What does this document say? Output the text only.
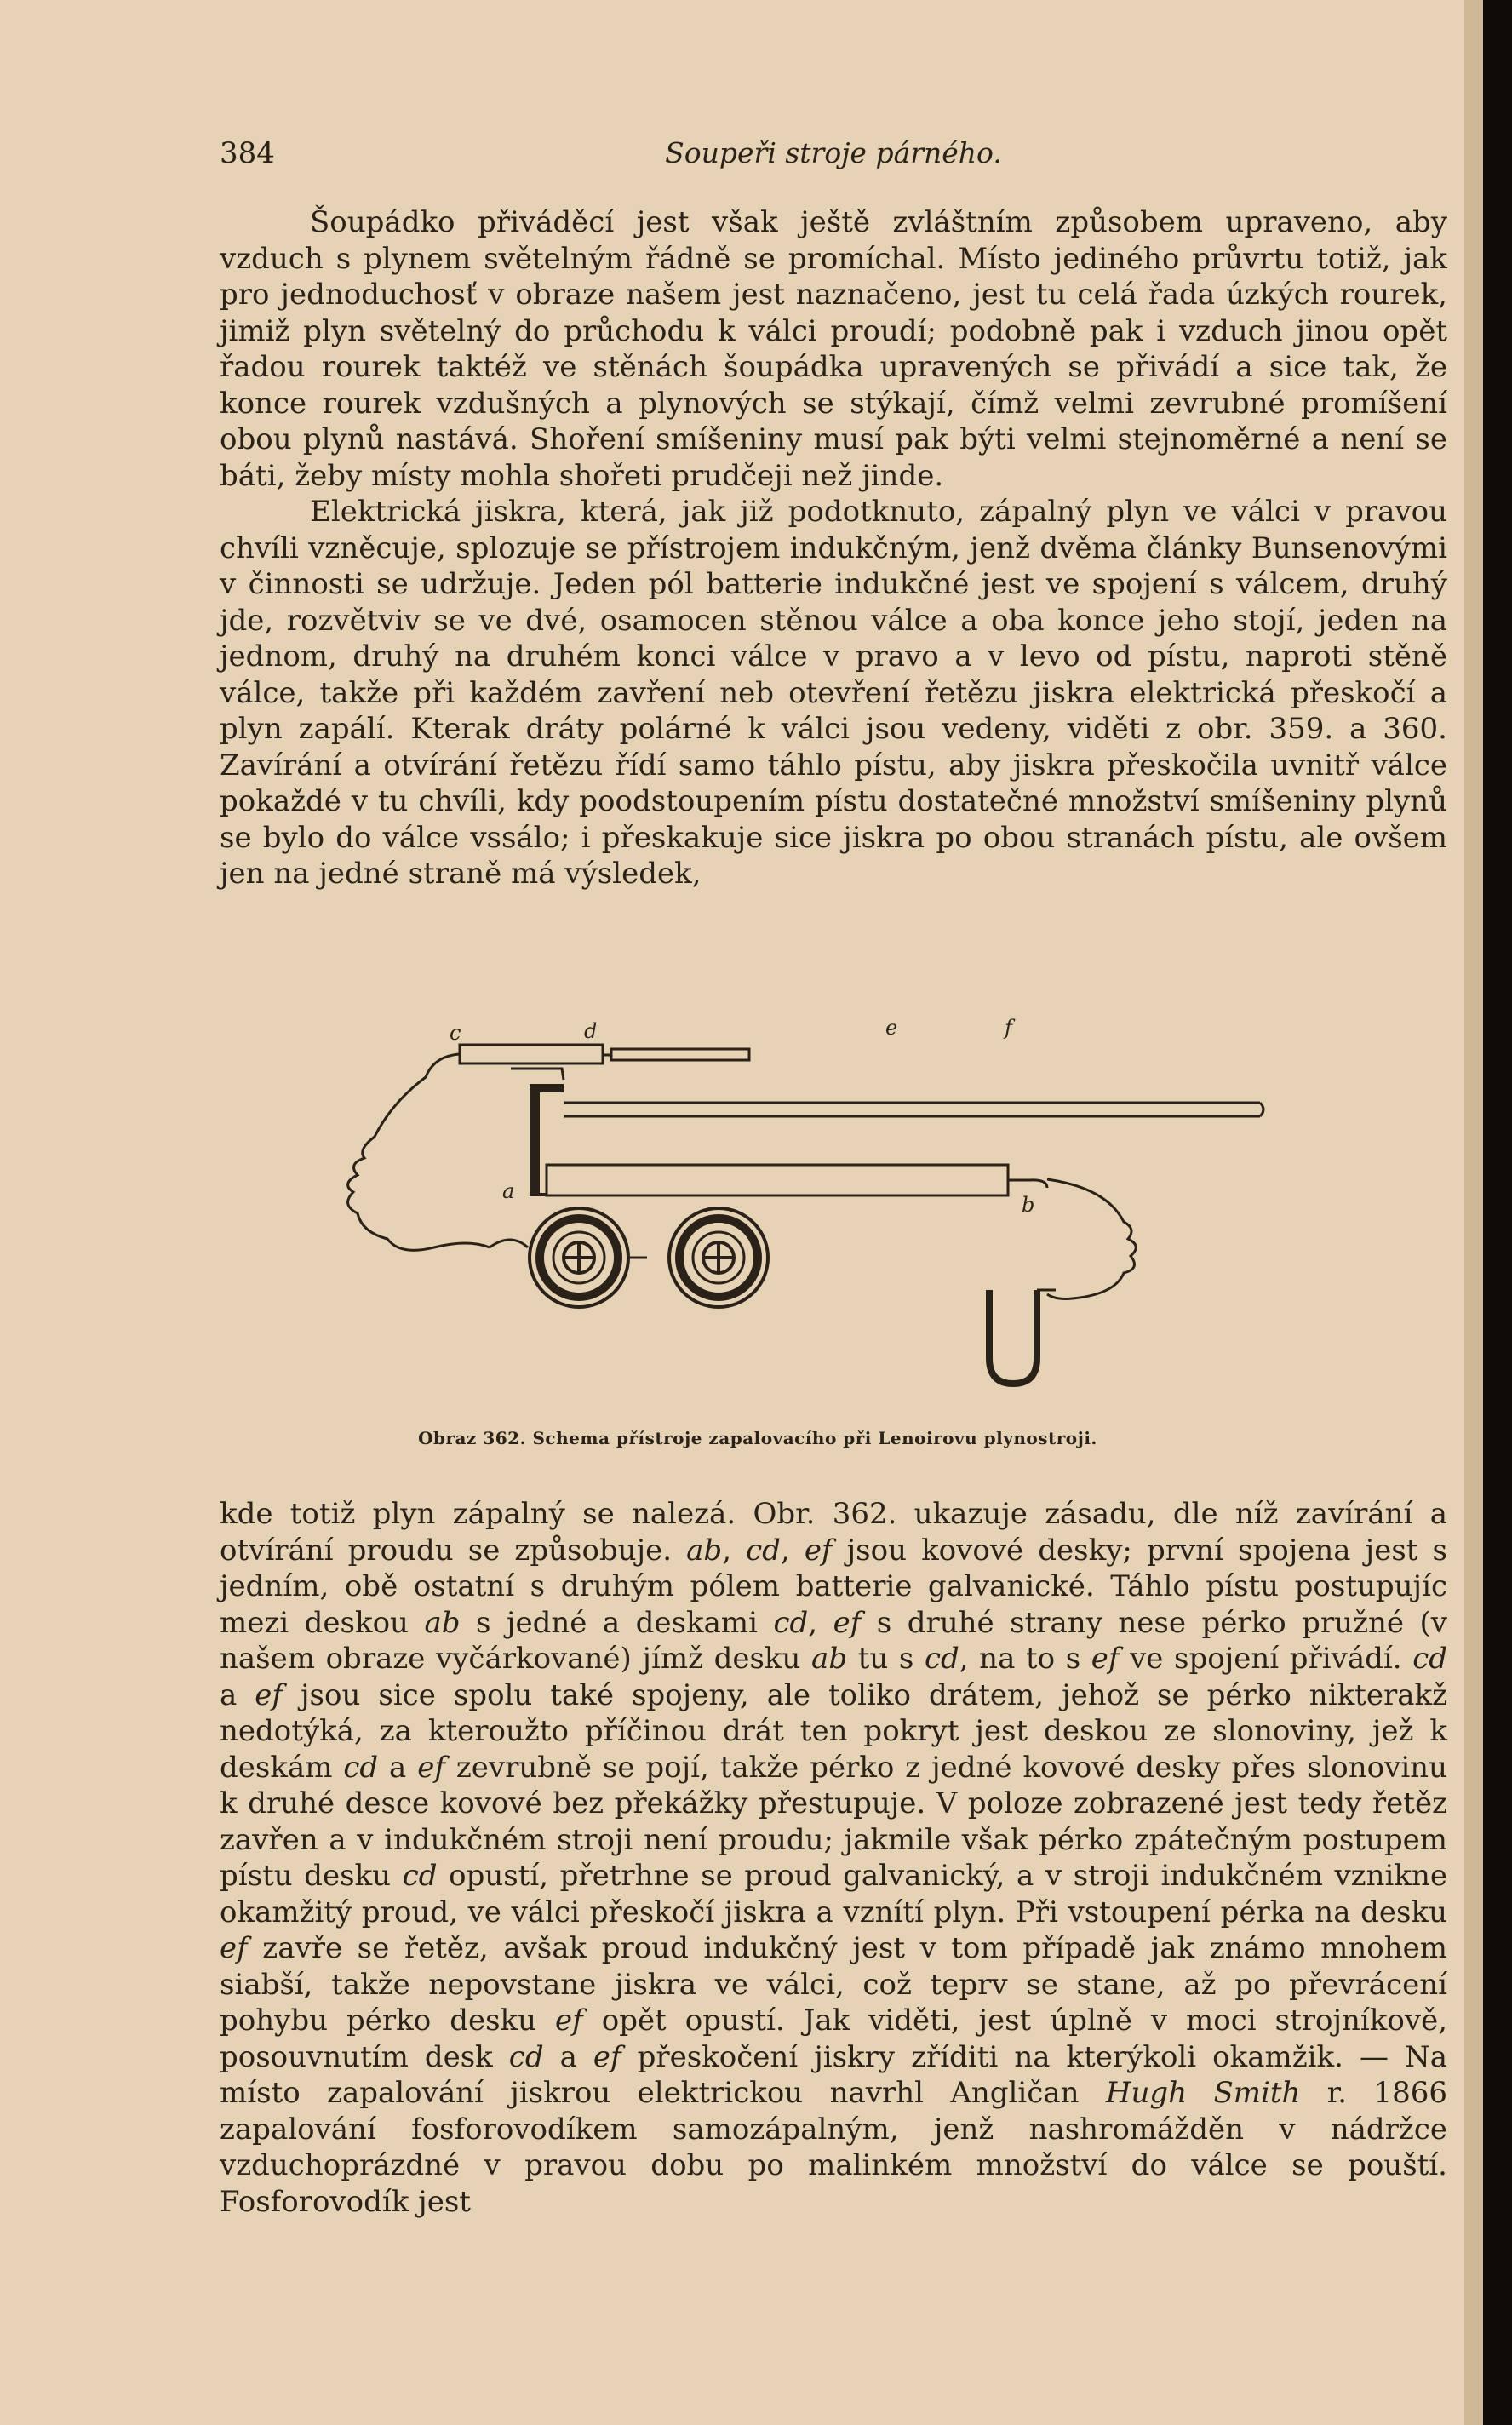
384	Soupeři stroje párného.

Šoupádko přiváděcí jest však ještě zvláštním způsobem upraveno, aby vzduch s plynem světelným řádně se promíchal. Místo jediného průvrtu totiž, jak pro jednoduchosť v obraze našem jest naznačeno, jest tu celá řada úzkých rourek, jimiž plyn světelný do průchodu k válci proudí; podobně pak i vzduch jinou opět řadou rourek taktéž ve stěnách šoupádka upravených se přivádí a sice tak, že konce rourek vzdušných a plynových se stýkají, čímž velmi zevrubné promíšení obou plynů nastává. Shoření smíšeniny musí pak býti velmi stejnoměrné a není se báti, žeby místy mohla shořeti prudčeji než jinde.

Elektrická jiskra, která, jak již podotknuto, zápalný plyn ve válci v pravou chvíli vzněcuje, splozuje se přístrojem indukčným, jenž dvěma články Bunsenovými v činnosti se udržuje. Jeden pól batterie indukčné jest ve spojení s válcem, druhý jde, rozvětviv se ve dvé, osamocen stěnou válce a oba konce jeho stojí, jeden na jednom, druhý na druhém konci válce v pravo a v levo od pístu, naproti stěně válce, takže při každém zavření neb otevření řetězu jiskra elektrická přeskočí a plyn zapálí. Kterak dráty polárné k válci jsou vedeny, viděti z obr. 359. a 360. Zavírání a otvírání řetězu řídí samo táhlo pístu, aby jiskra přeskočila uvnitř válce pokaždé v tu chvíli, kdy poodstoupením pístu dostatečné množství smíšeniny plynů se bylo do válce vssálo; i přeskakuje sice jiskra po obou stranách pístu, ale ovšem jen na jedné straně má výsledek,

c	d	e	f
a
b
Obraz 362. Schema přístroje zapalovacího při Lenoirovu plynostroji.

kde totiž plyn zápalný se nalezá. Obr. 362. ukazuje zásadu, dle níž zavírání a otvírání proudu se způsobuje. ab, cd, ef jsou kovové desky; první spojena jest s jedním, obě ostatní s druhým pólem batterie galvanické. Táhlo pístu postupujíc mezi deskou ab s jedné a deskami cd, ef s druhé strany nese pérko pružné (v našem obraze vyčárkované) jímž desku ab tu s cd, na to s ef ve spojení přivádí. cd a ef jsou sice spolu také spojeny, ale toliko drátem, jehož se pérko nikterakž nedotýká, za kteroužto příčinou drát ten pokryt jest deskou ze slonoviny, jež k deskám cd a ef zevrubně se pojí, takže pérko z jedné kovové desky přes slonovinu k druhé desce kovové bez překážky přestupuje. V poloze zobrazené jest tedy řetěz zavřen a v indukčném stroji není proudu; jakmile však pérko zpátečným postupem pístu desku cd opustí, přetrhne se proud galvanický, a v stroji indukčném vznikne okamžitý proud, ve válci přeskočí jiskra a vznítí plyn. Při vstoupení pérka na desku ef zavře se řetěz, avšak proud indukčný jest v tom případě jak známo mnohem siabší, takže nepovstane jiskra ve válci, což teprv se stane, až po převrácení pohybu pérko desku ef opět opustí. Jak viděti, jest úplně v moci strojníkově, posouvnutím desk cd a ef přeskočení jiskry zříditi na kterýkoli okamžik. — Na místo zapalování jiskrou elektrickou navrhl Angličan Hugh Smith r. 1866 zapalování fosforovodíkem samozápalným, jenž nashromážděn v nádržce vzduchoprázdné v pravou dobu po malinkém množství do válce se pouští. Fosforovodík jest
